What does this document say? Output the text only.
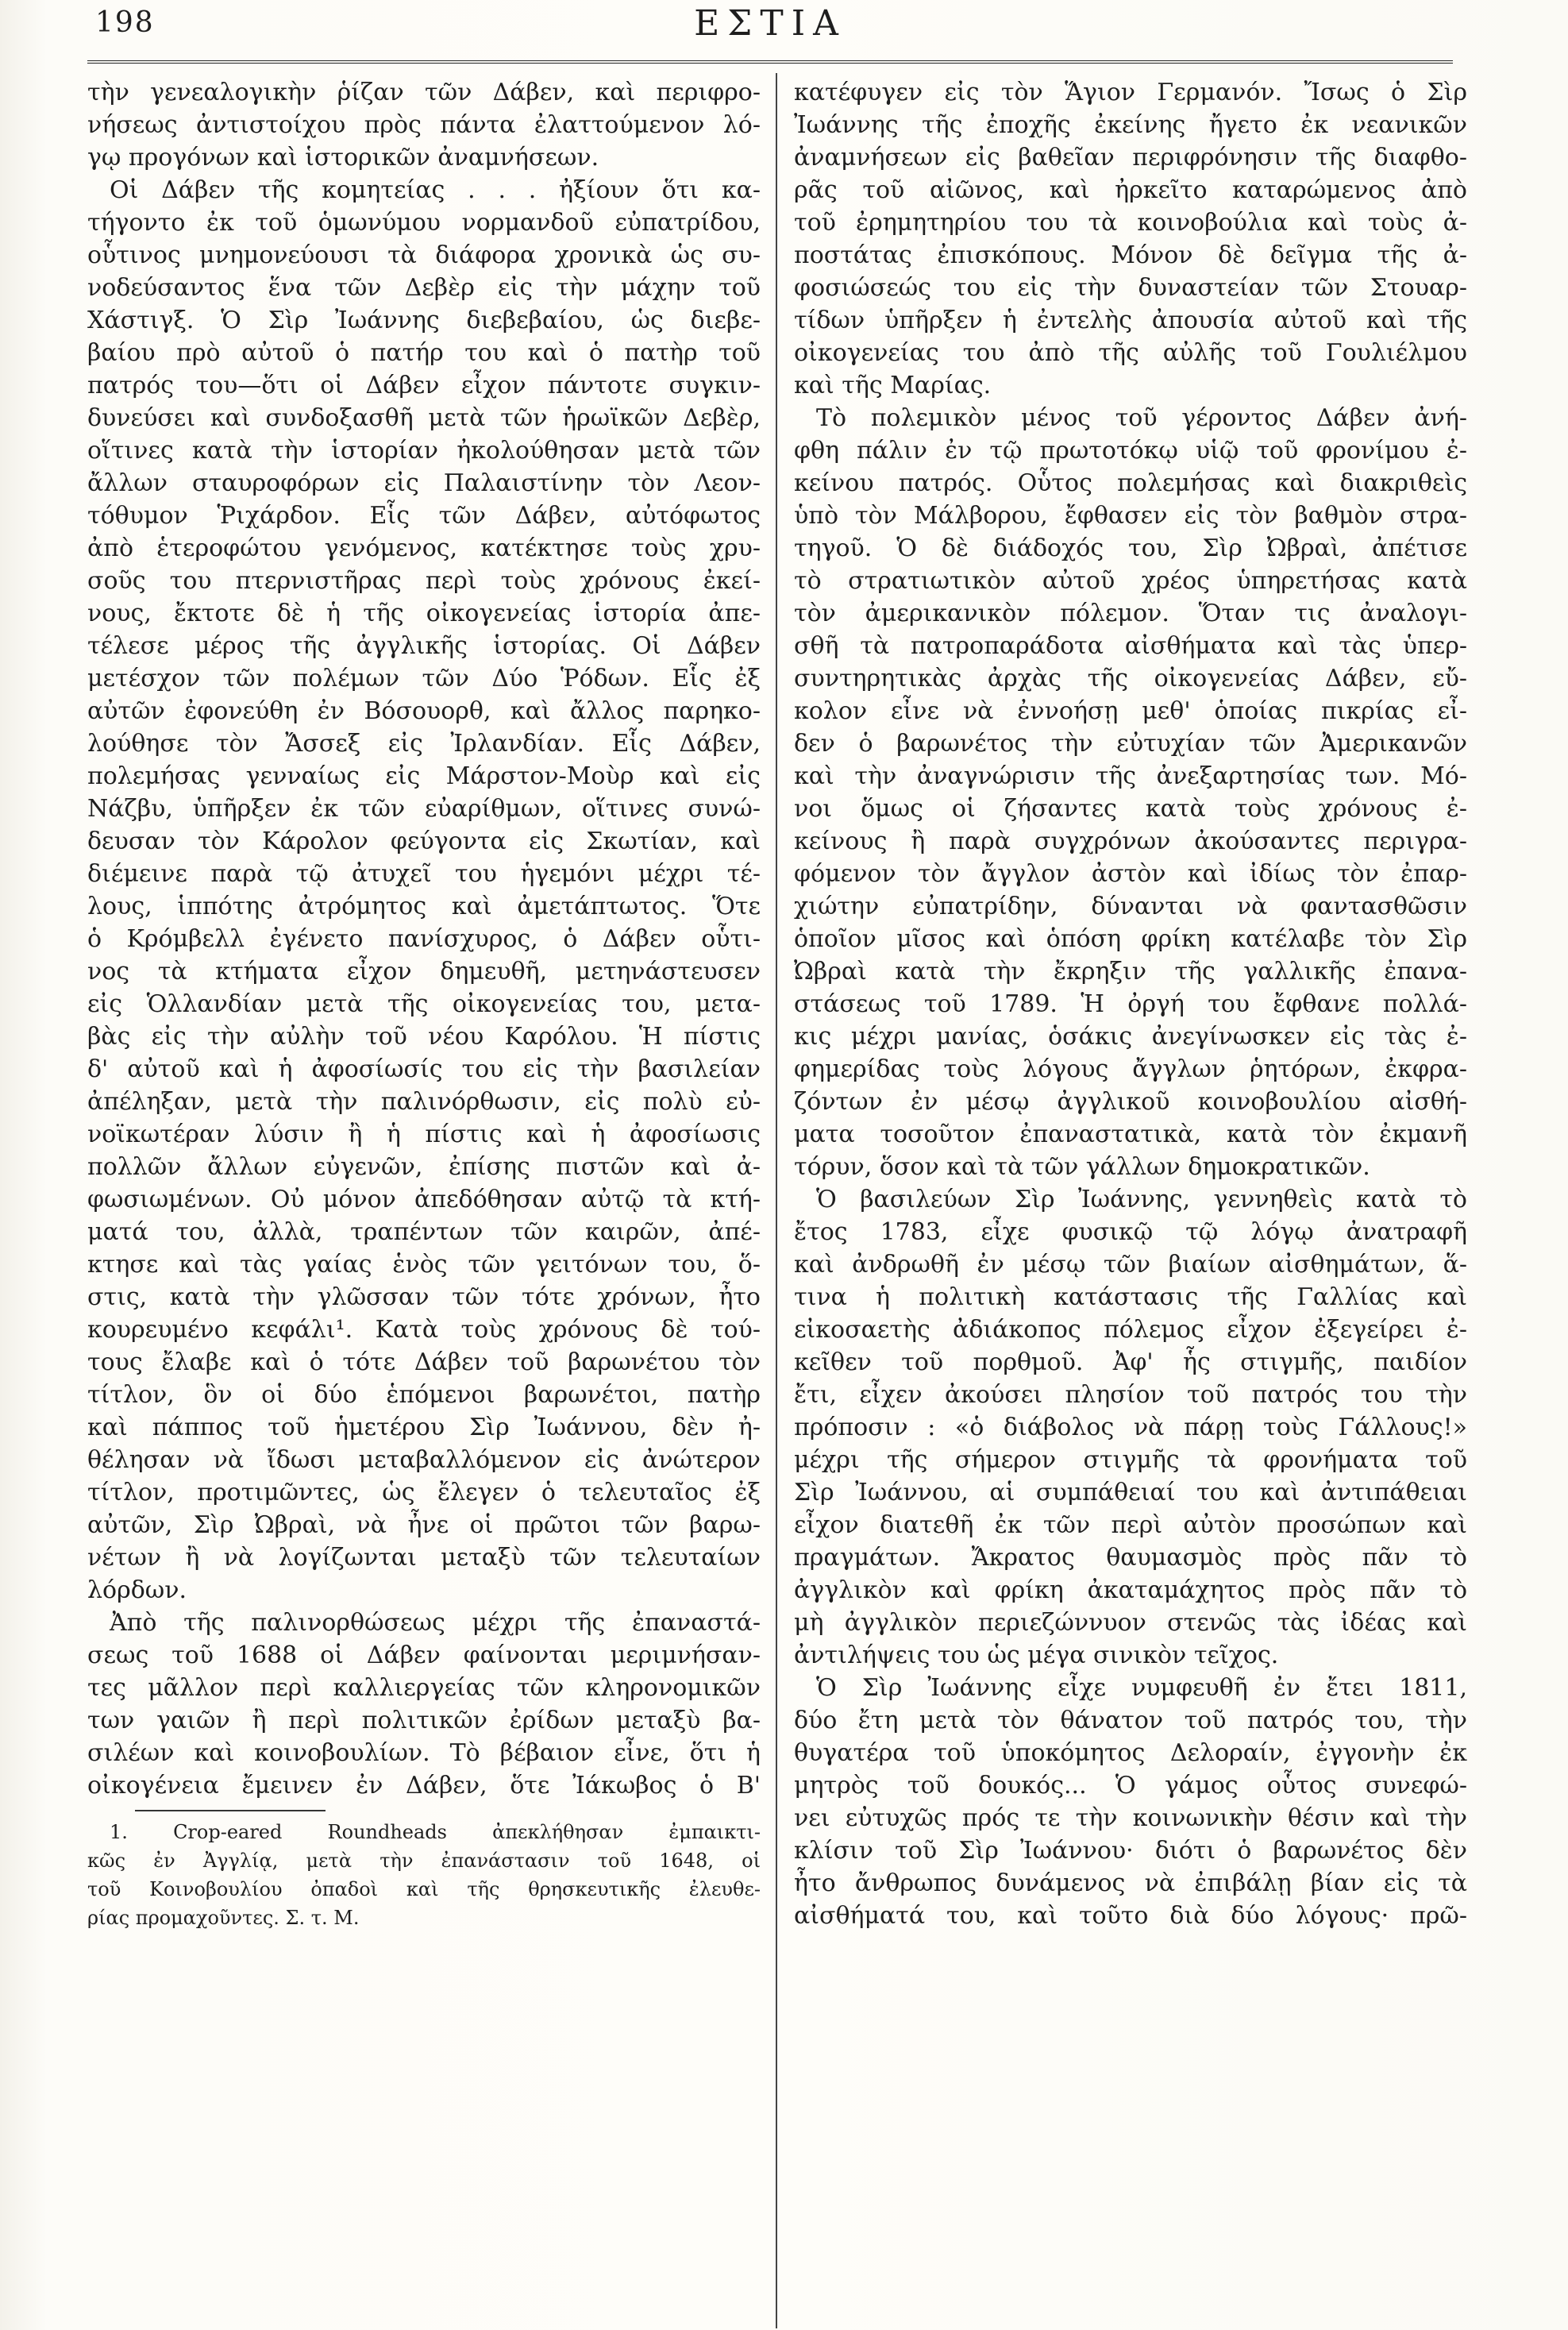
198	ΕΣΤΙΑ
τὴν γενεαλογικὴν ῥίζαν τῶν Δάβεν, καὶ περιφρο-
νήσεως ἀντιστοίχου πρὸς πάντα ἐλαττούμενον λό-
γῳ προγόνων καὶ ἱστορικῶν ἀναμνήσεων.
Οἱ Δάβεν τῆς κομητείας . . . ἠξίουν ὅτι κα-
τήγοντο ἐκ τοῦ ὁμωνύμου νορμανδοῦ εὐπατρίδου,
οὗτινος μνημονεύουσι τὰ διάφορα χρονικὰ ὡς συ-
νοδεύσαντος ἕνα τῶν Δεβὲρ εἰς τὴν μάχην τοῦ
Χάστιγξ. Ὁ Σὶρ Ἰωάννης διεβεβαίου, ὡς διεβε-
βαίου πρὸ αὐτοῦ ὁ πατήρ του καὶ ὁ πατὴρ τοῦ
πατρός του—ὅτι οἱ Δάβεν εἶχον πάντοτε συγκιν-
δυνεύσει καὶ συνδοξασθῆ μετὰ τῶν ἡρωϊκῶν Δεβὲρ,
οἵτινες κατὰ τὴν ἱστορίαν ἠκολούθησαν μετὰ τῶν
ἄλλων σταυροφόρων εἰς Παλαιστίνην τὸν Λεον-
τόθυμον Ῥιχάρδον. Εἷς τῶν Δάβεν, αὐτόφωτος
ἀπὸ ἑτεροφώτου γενόμενος, κατέκτησε τοὺς χρυ-
σοῦς του πτερνιστῆρας περὶ τοὺς χρόνους ἐκεί-
νους, ἔκτοτε δὲ ἡ τῆς οἰκογενείας ἱστορία ἀπε-
τέλεσε μέρος τῆς ἀγγλικῆς ἱστορίας. Οἱ Δάβεν
μετέσχον τῶν πολέμων τῶν Δύο Ῥόδων. Εἷς ἐξ
αὐτῶν ἐφονεύθη ἐν Βόσουορθ, καὶ ἄλλος παρηκο-
λούθησε τὸν Ἄσσεξ εἰς Ἰρλανδίαν. Εἷς Δάβεν,
πολεμήσας γενναίως εἰς Μάρστον-Μοὺρ καὶ εἰς
Νάζβυ, ὑπῆρξεν ἐκ τῶν εὐαρίθμων, οἵτινες συνώ-
δευσαν τὸν Κάρολον φεύγοντα εἰς Σκωτίαν, καὶ
διέμεινε παρὰ τῷ ἀτυχεῖ του ἡγεμόνι μέχρι τέ-
λους, ἱππότης ἀτρόμητος καὶ ἀμετάπτωτος. Ὅτε
ὁ Κρόμβελλ ἐγένετο πανίσχυρος, ὁ Δάβεν οὗτι-
νος τὰ κτήματα εἶχον δημευθῆ, μετηνάστευσεν
εἰς Ὁλλανδίαν μετὰ τῆς οἰκογενείας του, μετα-
βὰς εἰς τὴν αὐλὴν τοῦ νέου Καρόλου. Ἡ πίστις
δ' αὐτοῦ καὶ ἡ ἀφοσίωσίς του εἰς τὴν βασιλείαν
ἀπέληξαν, μετὰ τὴν παλινόρθωσιν, εἰς πολὺ εὐ-
νοϊκωτέραν λύσιν ἢ ἡ πίστις καὶ ἡ ἀφοσίωσις
πολλῶν ἄλλων εὐγενῶν, ἐπίσης πιστῶν καὶ ἀ-
φωσιωμένων. Οὐ μόνον ἀπεδόθησαν αὐτῷ τὰ κτή-
ματά του, ἀλλὰ, τραπέντων τῶν καιρῶν, ἀπέ-
κτησε καὶ τὰς γαίας ἑνὸς τῶν γειτόνων του, ὅ-
στις, κατὰ τὴν γλῶσσαν τῶν τότε χρόνων, ἦτο
κουρευμένο κεφάλι¹. Κατὰ τοὺς χρόνους δὲ τού-
τους ἔλαβε καὶ ὁ τότε Δάβεν τοῦ βαρωνέτου τὸν
τίτλον, ὃν οἱ δύο ἑπόμενοι βαρωνέτοι, πατὴρ
καὶ πάππος τοῦ ἡμετέρου Σὶρ Ἰωάννου, δὲν ἠ-
θέλησαν νὰ ἴδωσι μεταβαλλόμενον εἰς ἀνώτερον
τίτλον, προτιμῶντες, ὡς ἔλεγεν ὁ τελευταῖος ἐξ
αὐτῶν, Σὶρ Ὠβραὶ, νὰ ἦνε οἱ πρῶτοι τῶν βαρω-
νέτων ἢ νὰ λογίζωνται μεταξὺ τῶν τελευταίων
λόρδων.
Ἀπὸ τῆς παλινορθώσεως μέχρι τῆς ἐπαναστά-
σεως τοῦ 1688 οἱ Δάβεν φαίνονται μεριμνήσαν-
τες μᾶλλον περὶ καλλιεργείας τῶν κληρονομικῶν
των γαιῶν ἢ περὶ πολιτικῶν ἐρίδων μεταξὺ βα-
σιλέων καὶ κοινοβουλίων. Τὸ βέβαιον εἶνε, ὅτι ἡ
οἰκογένεια ἔμεινεν ἐν Δάβεν, ὅτε Ἰάκωβος ὁ Β'
1. Crop-eared Roundheads ἀπεκλήθησαν ἐμπαικτι-
κῶς ἐν Ἀγγλίᾳ, μετὰ τὴν ἐπανάστασιν τοῦ 1648, οἱ
τοῦ Κοινοβουλίου ὀπαδοὶ καὶ τῆς θρησκευτικῆς ἐλευθε-
ρίας προμαχοῦντες. Σ. τ. Μ.
κατέφυγεν εἰς τὸν Ἅγιον Γερμανόν. Ἴσως ὁ Σὶρ
Ἰωάννης τῆς ἐποχῆς ἐκείνης ἤγετο ἐκ νεανικῶν
ἀναμνήσεων εἰς βαθεῖαν περιφρόνησιν τῆς διαφθο-
ρᾶς τοῦ αἰῶνος, καὶ ἠρκεῖτο καταρώμενος ἀπὸ
τοῦ ἐρημητηρίου του τὰ κοινοβούλια καὶ τοὺς ἀ-
ποστάτας ἐπισκόπους. Μόνον δὲ δεῖγμα τῆς ἀ-
φοσιώσεώς του εἰς τὴν δυναστείαν τῶν Στουαρ-
τίδων ὑπῆρξεν ἡ ἐντελὴς ἀπουσία αὐτοῦ καὶ τῆς
οἰκογενείας του ἀπὸ τῆς αὐλῆς τοῦ Γουλιέλμου
καὶ τῆς Μαρίας.
Τὸ πολεμικὸν μένος τοῦ γέροντος Δάβεν ἀνή-
φθη πάλιν ἐν τῷ πρωτοτόκῳ υἱῷ τοῦ φρονίμου ἐ-
κείνου πατρός. Οὗτος πολεμήσας καὶ διακριθεὶς
ὑπὸ τὸν Μάλβορου, ἔφθασεν εἰς τὸν βαθμὸν στρα-
τηγοῦ. Ὁ δὲ διάδοχός του, Σὶρ Ὠβραὶ, ἀπέτισε
τὸ στρατιωτικὸν αὐτοῦ χρέος ὑπηρετήσας κατὰ
τὸν ἀμερικανικὸν πόλεμον. Ὅταν τις ἀναλογι-
σθῆ τὰ πατροπαράδοτα αἰσθήματα καὶ τὰς ὑπερ-
συντηρητικὰς ἀρχὰς τῆς οἰκογενείας Δάβεν, εὔ-
κολον εἶνε νὰ ἐννοήσῃ μεθ' ὁποίας πικρίας εἶ-
δεν ὁ βαρωνέτος τὴν εὐτυχίαν τῶν Ἀμερικανῶν
καὶ τὴν ἀναγνώρισιν τῆς ἀνεξαρτησίας των. Μό-
νοι ὅμως οἱ ζήσαντες κατὰ τοὺς χρόνους ἐ-
κείνους ἢ παρὰ συγχρόνων ἀκούσαντες περιγρα-
φόμενον τὸν ἄγγλον ἀστὸν καὶ ἰδίως τὸν ἐπαρ-
χιώτην εὐπατρίδην, δύνανται νὰ φαντασθῶσιν
ὁποῖον μῖσος καὶ ὁπόση φρίκη κατέλαβε τὸν Σὶρ
Ὠβραὶ κατὰ τὴν ἔκρηξιν τῆς γαλλικῆς ἐπανα-
στάσεως τοῦ 1789. Ἡ ὀργή του ἔφθανε πολλά-
κις μέχρι μανίας, ὁσάκις ἀνεγίνωσκεν εἰς τὰς ἐ-
φημερίδας τοὺς λόγους ἄγγλων ῥητόρων, ἐκφρα-
ζόντων ἐν μέσῳ ἀγγλικοῦ κοινοβουλίου αἰσθή-
ματα τοσοῦτον ἐπαναστατικὰ, κατὰ τὸν ἐκμανῆ
τόρυν, ὅσον καὶ τὰ τῶν γάλλων δημοκρατικῶν.
Ὁ βασιλεύων Σὶρ Ἰωάννης, γεννηθεὶς κατὰ τὸ
ἔτος 1783, εἶχε φυσικῷ τῷ λόγῳ ἀνατραφῆ
καὶ ἀνδρωθῆ ἐν μέσῳ τῶν βιαίων αἰσθημάτων, ἅ-
τινα ἡ πολιτικὴ κατάστασις τῆς Γαλλίας καὶ
εἰκοσαετὴς ἀδιάκοπος πόλεμος εἶχον ἐξεγείρει ἐ-
κεῖθεν τοῦ πορθμοῦ. Ἀφ' ἧς στιγμῆς, παιδίον
ἔτι, εἶχεν ἀκούσει πλησίον τοῦ πατρός του τὴν
πρόποσιν : «ὁ διάβολος νὰ πάρῃ τοὺς Γάλλους!»
μέχρι τῆς σήμερον στιγμῆς τὰ φρονήματα τοῦ
Σὶρ Ἰωάννου, αἱ συμπάθειαί του καὶ ἀντιπάθειαι
εἶχον διατεθῆ ἐκ τῶν περὶ αὐτὸν προσώπων καὶ
πραγμάτων. Ἄκρατος θαυμασμὸς πρὸς πᾶν τὸ
ἀγγλικὸν καὶ φρίκη ἀκαταμάχητος πρὸς πᾶν τὸ
μὴ ἀγγλικὸν περιεζώννυον στενῶς τὰς ἰδέας καὶ
ἀντιλήψεις του ὡς μέγα σινικὸν τεῖχος.
Ὁ Σὶρ Ἰωάννης εἶχε νυμφευθῆ ἐν ἔτει 1811,
δύο ἔτη μετὰ τὸν θάνατον τοῦ πατρός του, τὴν
θυγατέρα τοῦ ὑποκόμητος Δελοραίν, ἐγγονὴν ἐκ
μητρὸς τοῦ δουκός... Ὁ γάμος οὗτος συνεφώ-
νει εὐτυχῶς πρός τε τὴν κοινωνικὴν θέσιν καὶ τὴν
κλίσιν τοῦ Σὶρ Ἰωάννου· διότι ὁ βαρωνέτος δὲν
ἦτο ἄνθρωπος δυνάμενος νὰ ἐπιβάλῃ βίαν εἰς τὰ
αἰσθήματά του, καὶ τοῦτο διὰ δύο λόγους· πρῶ-
